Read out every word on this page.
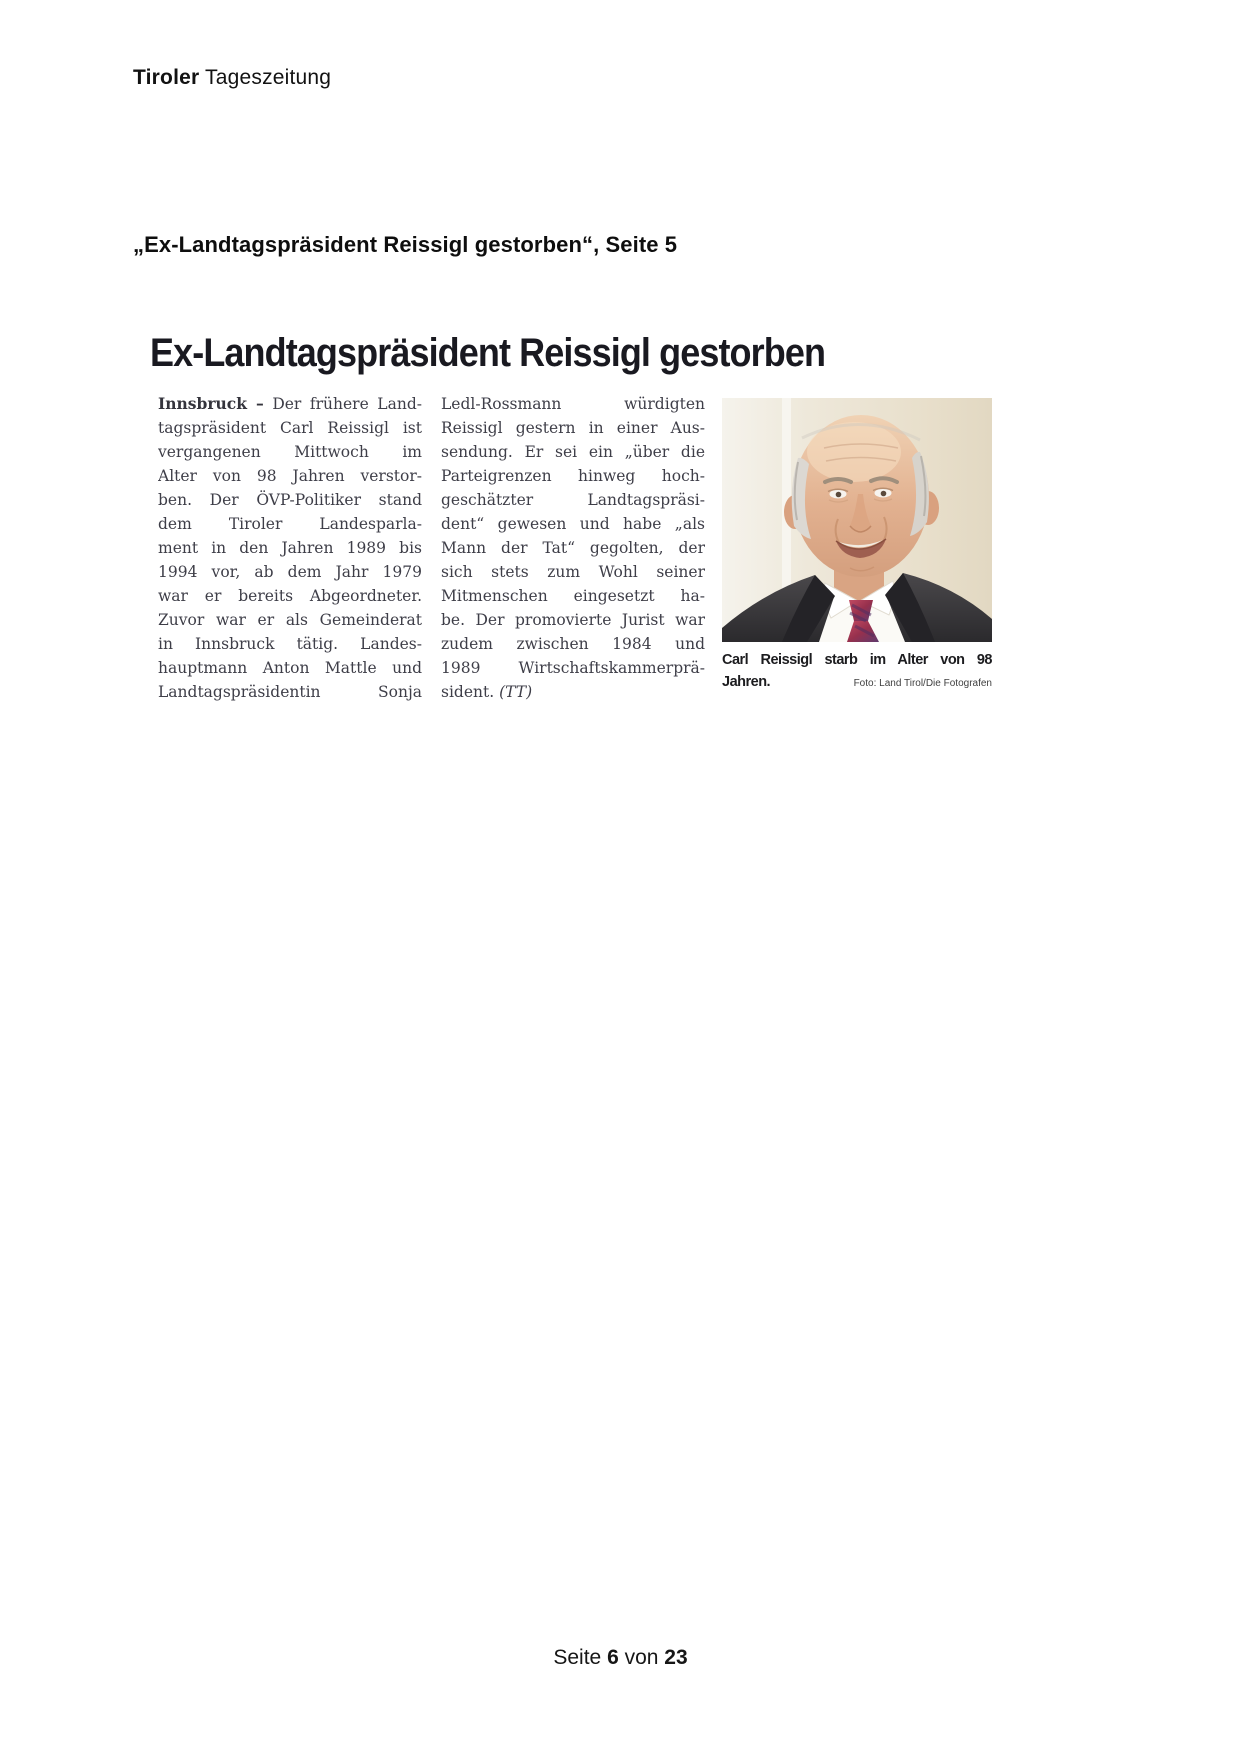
Tiroler Tageszeitung
„Ex-Landtagspräsident Reissigl gestorben“, Seite 5
Ex-Landtagspräsident Reissigl gestorben
Innsbruck – Der frühere Land-
tagspräsident Carl Reissigl ist
vergangenen Mittwoch im
Alter von 98 Jahren verstor-
ben. Der ÖVP-Politiker stand
dem Tiroler Landesparla-
ment in den Jahren 1989 bis
1994 vor, ab dem Jahr 1979
war er bereits Abgeordneter.
Zuvor war er als Gemeinderat
in Innsbruck tätig. Landes-
hauptmann Anton Mattle und
Landtagspräsidentin Sonja
Ledl-Rossmann würdigten
Reissigl gestern in einer Aus-
sendung. Er sei ein „über die
Parteigrenzen hinweg hoch-
geschätzter Landtagspräsi-
dent“ gewesen und habe „als
Mann der Tat“ gegolten, der
sich stets zum Wohl seiner
Mitmenschen eingesetzt ha-
be. Der promovierte Jurist war
zudem zwischen 1984 und
1989 Wirtschaftskammerprä-
sident. (TT)
Carl Reissigl starb im Alter von 98
Jahren.	Foto: Land Tirol/Die Fotografen
Seite 6 von 23
